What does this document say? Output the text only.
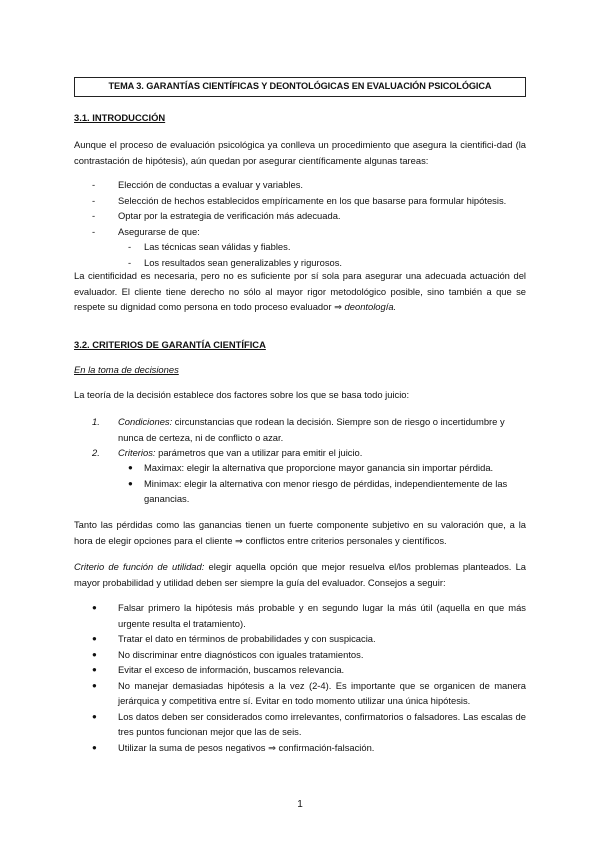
TEMA 3. GARANTÍAS CIENTÍFICAS Y DEONTOLÓGICAS EN EVALUACIÓN PSICOLÓGICA
3.1. INTRODUCCIÓN
Aunque el proceso de evaluación psicológica ya conlleva un procedimiento que asegura la cientifici-dad (la contrastación de hipótesis), aún quedan por asegurar científicamente algunas tareas:
- Elección de conductas a evaluar y variables.
- Selección de hechos establecidos empíricamente en los que basarse para formular hipótesis.
- Optar por la estrategia de verificación más adecuada.
- Asegurarse de que:
- Las técnicas sean válidas y fiables.
- Los resultados sean generalizables y rigurosos.
La cientificidad es necesaria, pero no es suficiente por sí sola para asegurar una adecuada actuación del evaluador. El cliente tiene derecho no sólo al mayor rigor metodológico posible, sino también a que se respete su dignidad como persona en todo proceso evaluador ⇒ deontología.
3.2. CRITERIOS DE GARANTÍA CIENTÍFICA
En la toma de decisiones
La teoría de la decisión establece dos factores sobre los que se basa todo juicio:
1. Condiciones: circunstancias que rodean la decisión. Siempre son de riesgo o incertidumbre y nunca de certeza, ni de conflicto o azar.
2. Criterios: parámetros que van a utilizar para emitir el juicio.
● Maximax: elegir la alternativa que proporcione mayor ganancia sin importar pérdida.
● Minimax: elegir la alternativa con menor riesgo de pérdidas, independientemente de las ganancias.
Tanto las pérdidas como las ganancias tienen un fuerte componente subjetivo en su valoración que, a la hora de elegir opciones para el cliente ⇒ conflictos entre criterios personales y científicos.
Criterio de función de utilidad: elegir aquella opción que mejor resuelva el/los problemas planteados. La mayor probabilidad y utilidad deben ser siempre la guía del evaluador. Consejos a seguir:
● Falsar primero la hipótesis más probable y en segundo lugar la más útil (aquella en que más urgente resulta el tratamiento).
● Tratar el dato en términos de probabilidades y con suspicacia.
● No discriminar entre diagnósticos con iguales tratamientos.
● Evitar el exceso de información, buscamos relevancia.
● No manejar demasiadas hipótesis a la vez (2-4). Es importante que se organicen de manera jerárquica y competitiva entre sí. Evitar en todo momento utilizar una única hipótesis.
● Los datos deben ser considerados como irrelevantes, confirmatorios o falsadores. Las escalas de tres puntos funcionan mejor que las de seis.
● Utilizar la suma de pesos negativos ⇒ confirmación-falsación.
1
